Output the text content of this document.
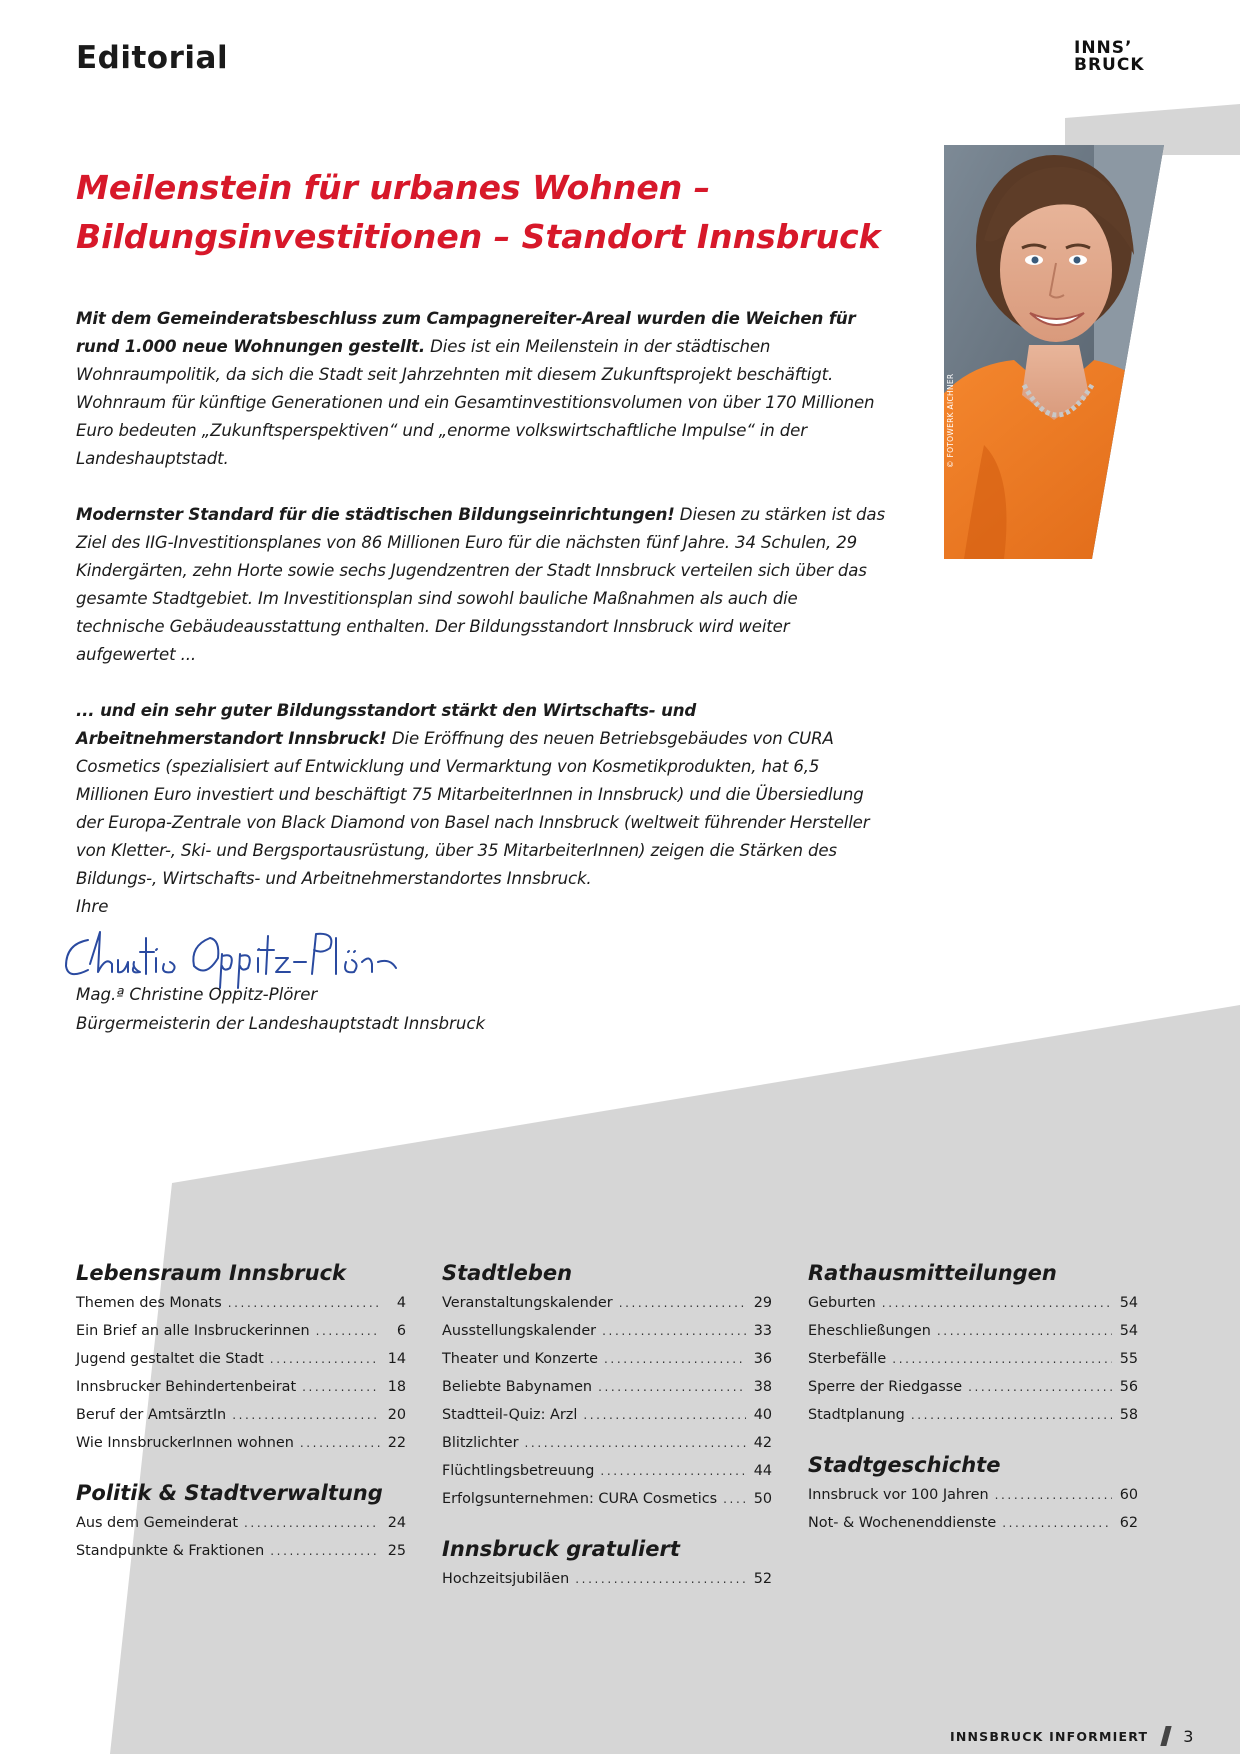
Editorial	INNS’
BRUCK
© FOTOWERK AICHNER
Meilenstein für urbanes Wohnen –
Bildungsinvestitionen – Standort Innsbruck

Mit dem Gemeinderatsbeschluss zum Campagnereiter-Areal wurden die Weichen für rund 1.000 neue Wohnungen gestellt. Dies ist ein Meilenstein in der städtischen Wohnraumpolitik, da sich die Stadt seit Jahrzehnten mit diesem Zukunftsprojekt beschäftigt. Wohnraum für künftige Generationen und ein Gesamtinvestitionsvolumen von über 170 Millionen Euro bedeuten „Zukunftsperspektiven“ und „enorme volkswirtschaftliche Impulse“ in der Landeshauptstadt.

Modernster Standard für die städtischen Bildungseinrichtungen! Diesen zu stärken ist das Ziel des IIG-Investitionsplanes von 86 Millionen Euro für die nächsten fünf Jahre. 34 Schulen, 29 Kindergärten, zehn Horte sowie sechs Jugendzentren der Stadt Innsbruck verteilen sich über das gesamte Stadtgebiet. Im Investitionsplan sind sowohl bauliche Maßnahmen als auch die technische Gebäudeausstattung enthalten. Der Bildungsstandort Innsbruck wird weiter aufgewertet ...

... und ein sehr guter Bildungsstandort stärkt den Wirtschafts- und Arbeitnehmerstandort Innsbruck! Die Eröffnung des neuen Betriebsgebäudes von CURA Cosmetics (spezialisiert auf Entwicklung und Vermarktung von Kosmetikprodukten, hat 6,5 Millionen Euro investiert und beschäftigt 75 MitarbeiterInnen in Innsbruck) und die Übersiedlung der Europa-Zentrale von Black Diamond von Basel nach Innsbruck (weltweit führender Hersteller von Kletter-, Ski- und Bergsportausrüstung, über 35 MitarbeiterInnen) zeigen die Stärken des Bildungs-, Wirtschafts- und Arbeitnehmerstandortes Innsbruck.

Ihre
Mag.ª Christine Oppitz-Plörer
Bürgermeisterin der Landeshauptstadt Innsbruck
Lebensraum Innsbruck
Themen des Monats .....	4
Ein Brief an alle Insbruckerinnen .....	6
Jugend gestaltet die Stadt .....	14
Innsbrucker Behindertenbeirat .....	18
Beruf der AmtsärztIn .....	20
Wie InnsbruckerInnen wohnen .....	22
Politik & Stadtverwaltung
Aus dem Gemeinderat .....	24
Standpunkte & Fraktionen .....	25
Stadtleben
Veranstaltungskalender .....	29
Ausstellungskalender .....	33
Theater und Konzerte .....	36
Beliebte Babynamen .....	38
Stadtteil-Quiz: Arzl .....	40
Blitzlichter .....	42
Flüchtlingsbetreuung .....	44
Erfolgsunternehmen: CURA Cosmetics .....	50
Innsbruck gratuliert
Hochzeitsjubiläen .....	52
Rathausmitteilungen
Geburten .....	54
Eheschließungen .....	54
Sterbefälle .....	55
Sperre der Riedgasse .....	56
Stadtplanung .....	58
Stadtgeschichte
Innsbruck vor 100 Jahren .....	60
Not- & Wochenenddienste .....	62
INNSBRUCK INFORMIERT 3
